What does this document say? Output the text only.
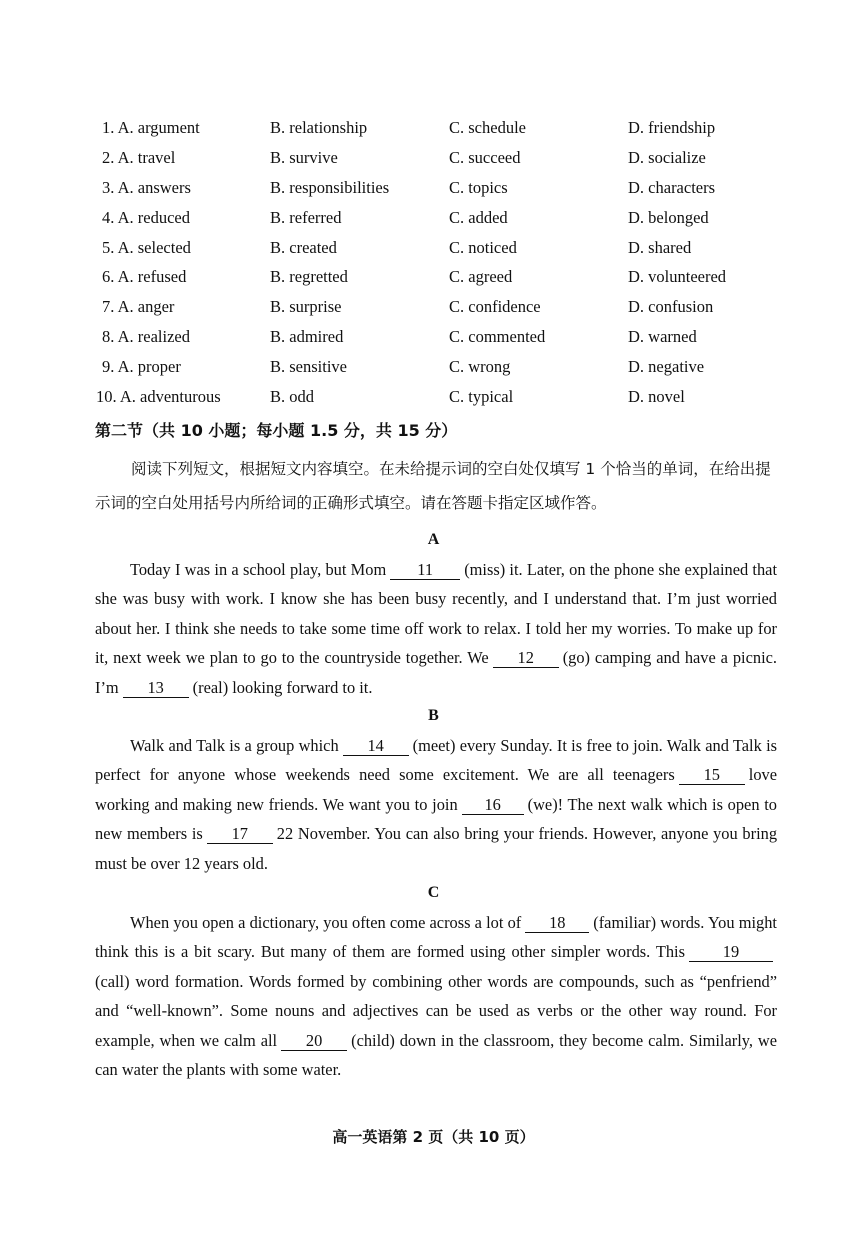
1. A. argument	B. relationship	C. schedule	D. friendship
2. A. travel	B. survive	C. succeed	D. socialize
3. A. answers	B. responsibilities	C. topics	D. characters
4. A. reduced	B. referred	C. added	D. belonged
5. A. selected	B. created	C. noticed	D. shared
6. A. refused	B. regretted	C. agreed	D. volunteered
7. A. anger	B. surprise	C. confidence	D. confusion
8. A. realized	B. admired	C. commented	D. warned
9. A. proper	B. sensitive	C. wrong	D. negative
10. A. adventurous	B. odd	C. typical	D. novel
第二节（共 10 小题；每小题 1.5 分，共 15 分）
阅读下列短文，根据短文内容填空。在未给提示词的空白处仅填写 1 个恰当的单词，在给出提示词的空白处用括号内所给词的正确形式填空。请在答题卡指定区域作答。
A
Today I was in a school play, but Mom 11 (miss) it. Later, on the phone she explained that she was busy with work. I know she has been busy recently, and I understand that. I’m just worried about her. I think she needs to take some time off work to relax. I told her my worries. To make up for it, next week we plan to go to the countryside together. We 12 (go) camping and have a picnic. I’m 13 (real) looking forward to it.
B
Walk and Talk is a group which 14 (meet) every Sunday. It is free to join. Walk and Talk is perfect for anyone whose weekends need some excitement. We are all teenagers 15 love working and making new friends. We want you to join 16 (we)! The next walk which is open to new members is 17 22 November. You can also bring your friends. However, anyone you bring must be over 12 years old.
C
When you open a dictionary, you often come across a lot of 18 (familiar) words. You might think this is a bit scary. But many of them are formed using other simpler words. This 19(call) word formation. Words formed by combining other words are compounds, such as “penfriend” and “well-known”. Some nouns and adjectives can be used as verbs or the other way round. For example, when we calm all 20 (child) down in the classroom, they become calm. Similarly, we can water the plants with some water.
高一英语第 2 页（共 10 页）
